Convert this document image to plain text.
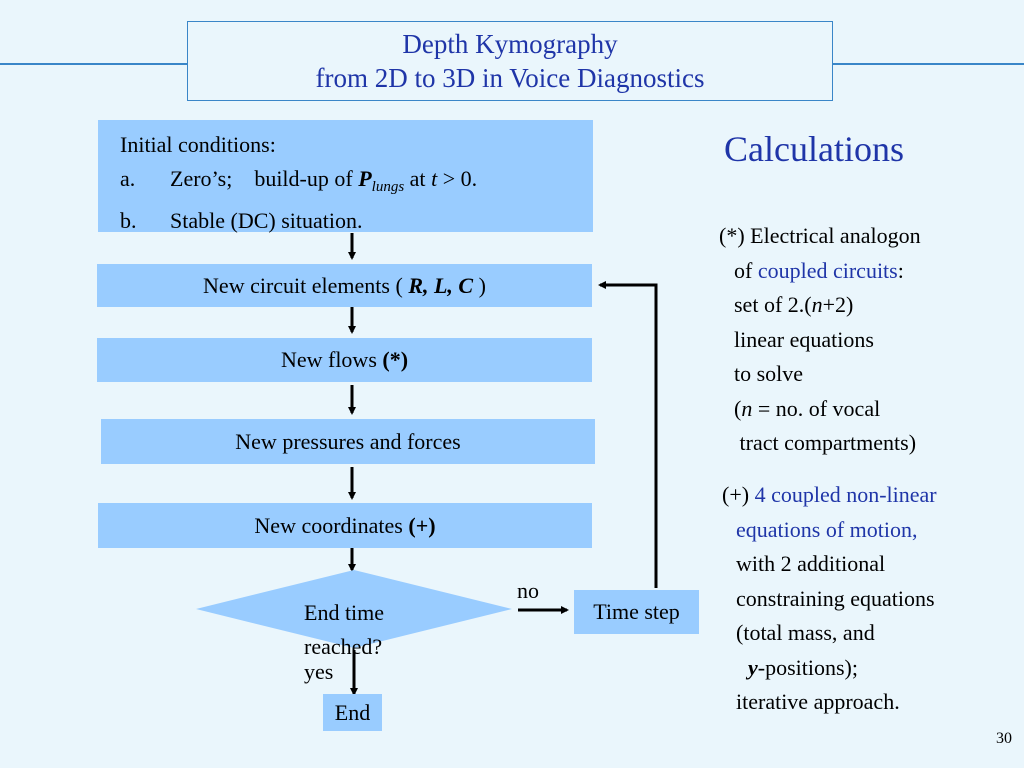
Depth Kymography
from 2D to 3D in Voice Diagnostics
Initial conditions:
a. Zero’s;    build-up of $P_{lungs}$ at t > 0.
b. Stable (DC) situation.
New circuit elements ( R, L, C )
New flows (*)
New pressures and forces
New coordinates (+)
End time
reached?
no
yes
Time step
End
Calculations
(*) Electrical analogon
of coupled circuits:
set of 2.(n+2)
linear equations
to solve
(n = no. of vocal
tract compartments)
(+) 4 coupled non-linear
equations of motion,
with 2 additional
constraining equations
(total mass, and
y-positions);
iterative approach.
30
